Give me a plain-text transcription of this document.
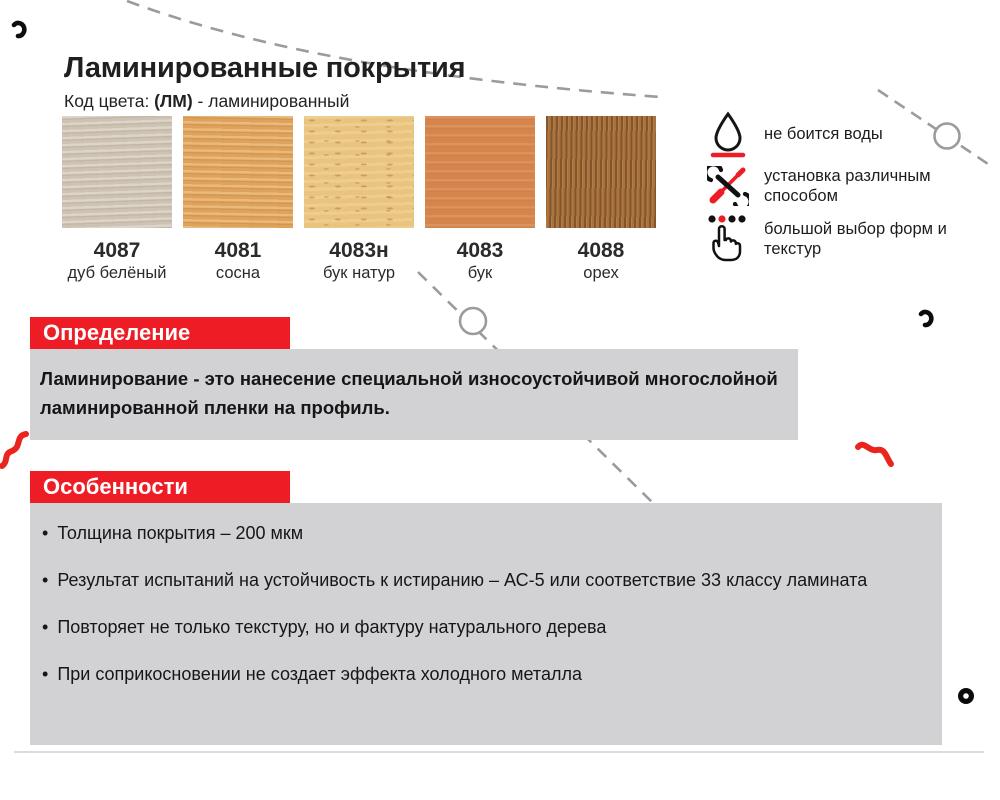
Ламинированные покрытия
Код цвета: (ЛМ) - ламинированный
4087
дуб белёный
4081
сосна
4083н
бук натур
4083
бук
4088
орех
не боится воды
установка различным способом
большой выбор форм и текстур
Определение

Ламинирование - это нанесение специальной износоустойчивой многослойной ламинированной пленки на профиль.

Особенности
• Толщина покрытия – 200 мкм
• Результат испытаний на устойчивость к истиранию – АС-5 или соответствие 33 классу ламината
• Повторяет не только текстуру, но и фактуру натурального дерева
• При соприкосновении не создает эффекта холодного металла
